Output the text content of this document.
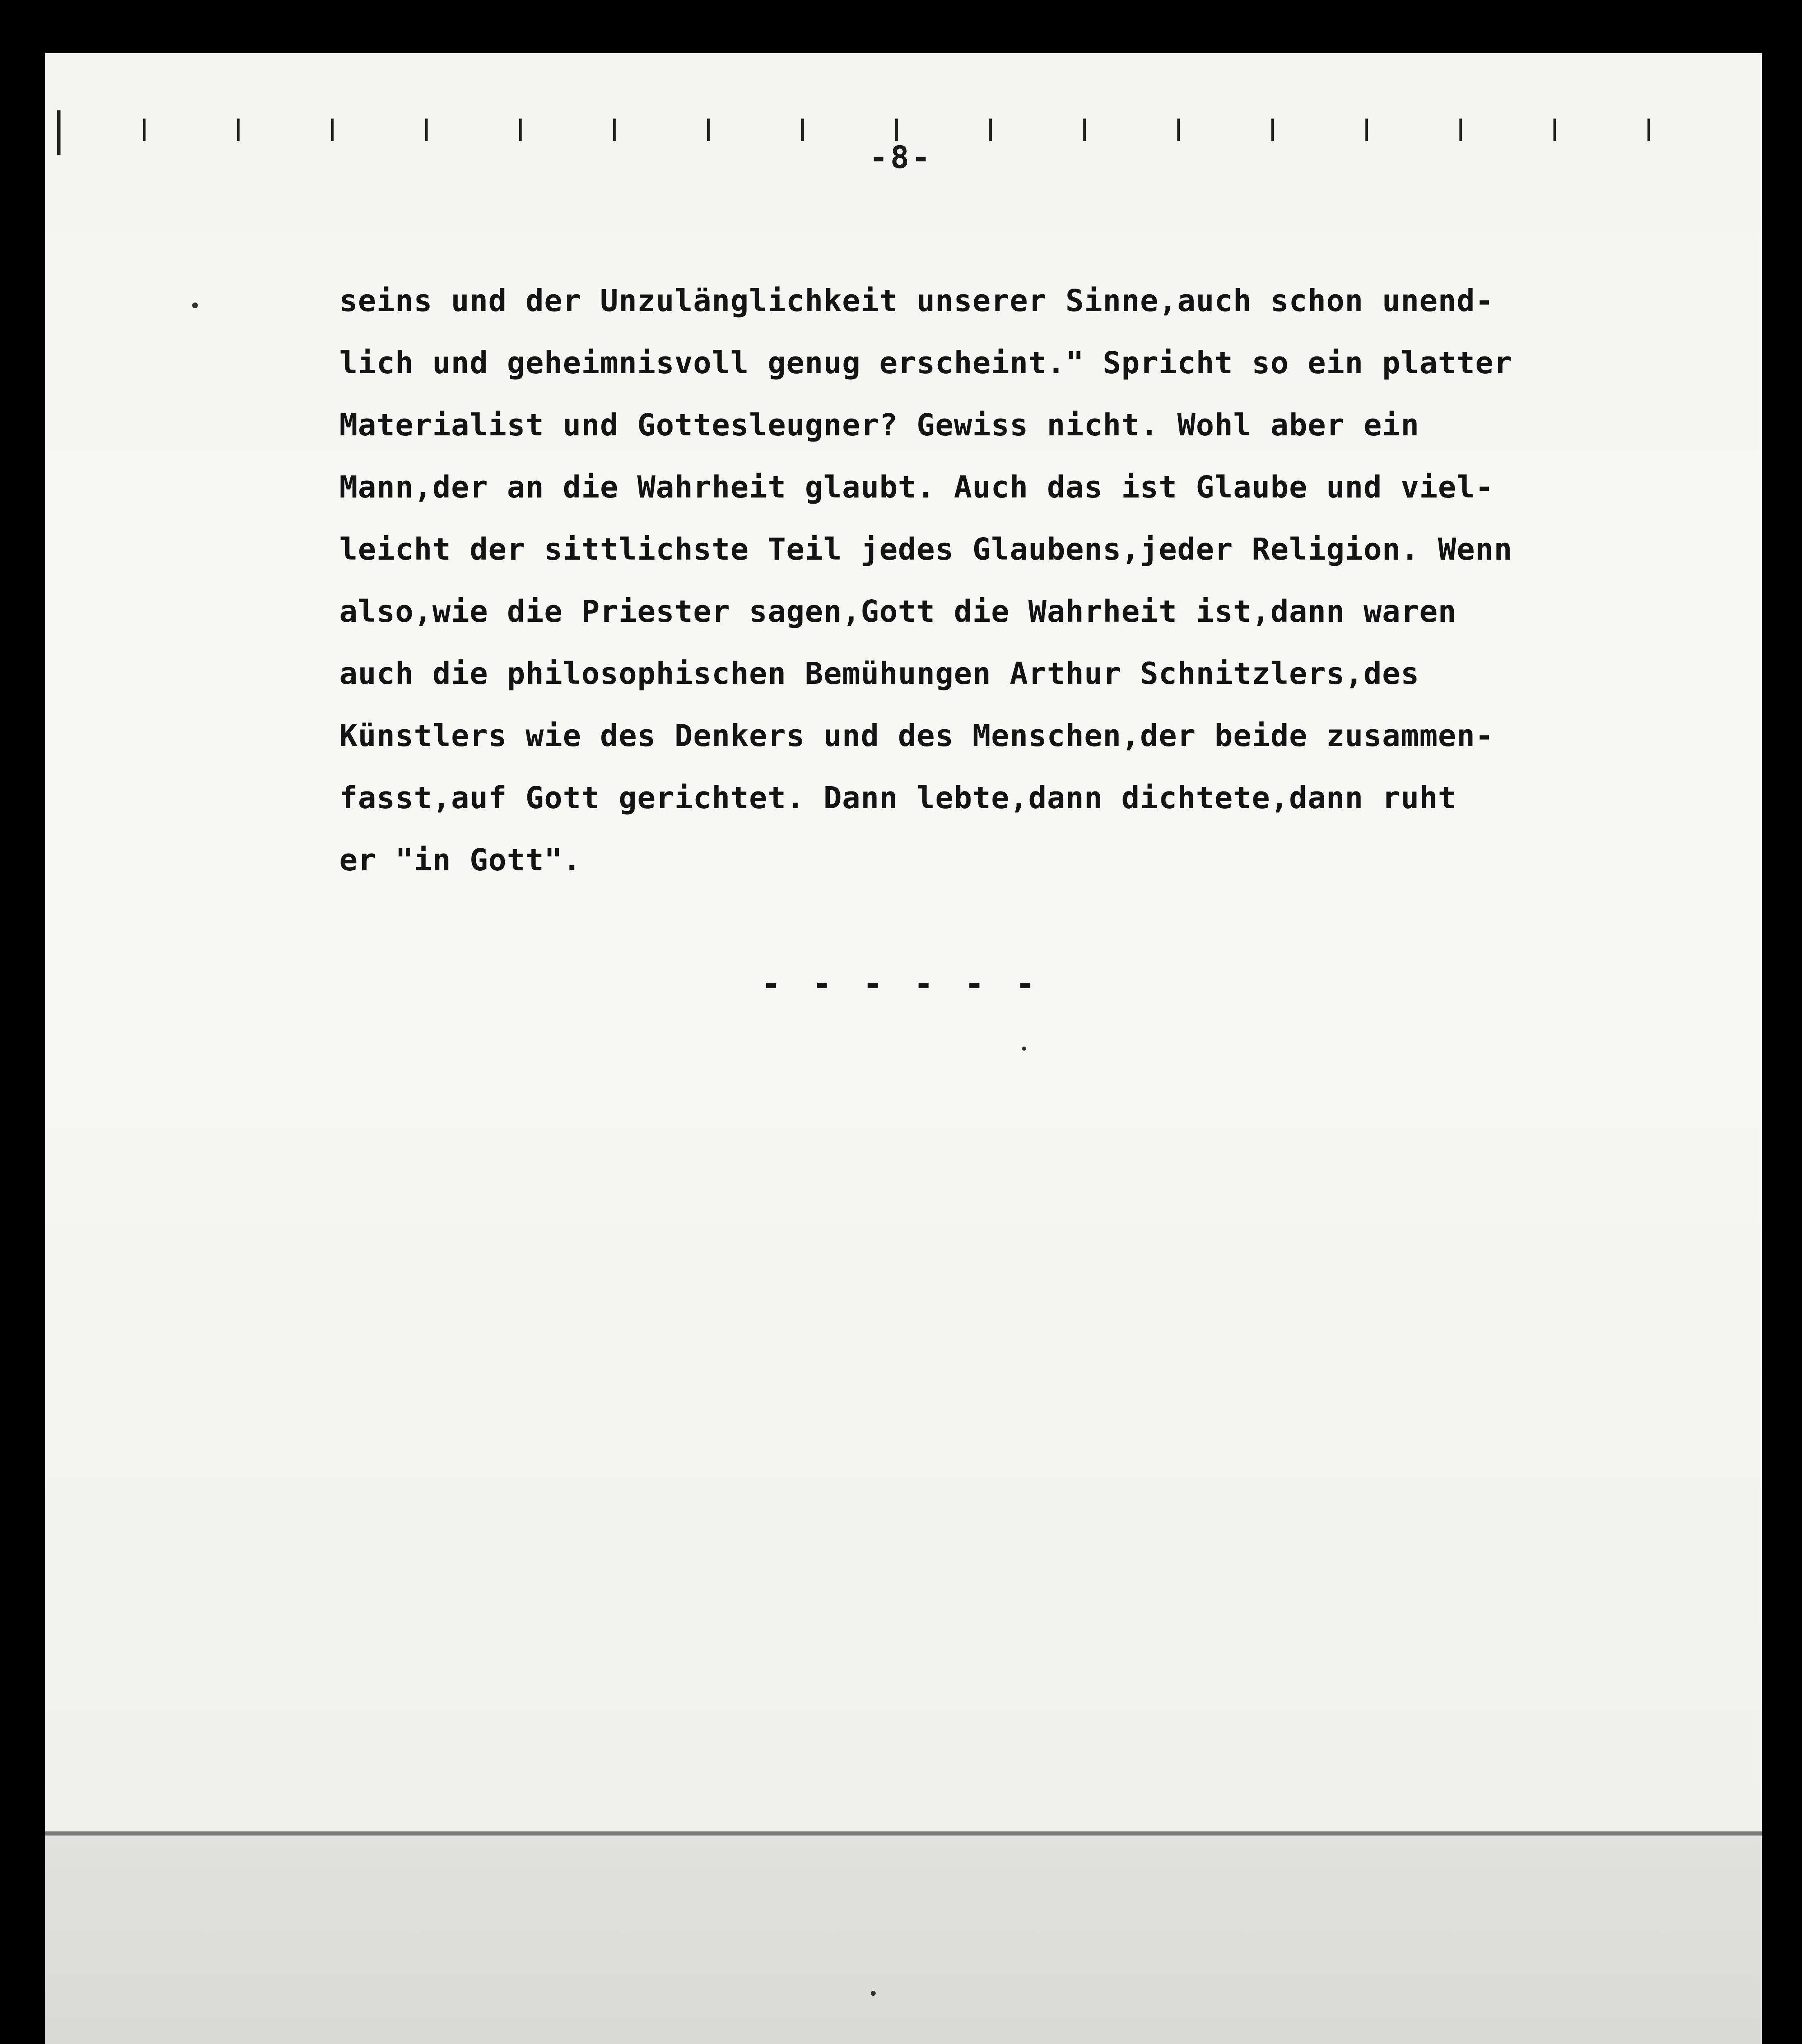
-8-
seins und der Unzulänglichkeit unserer Sinne,auch schon unend-
lich und geheimnisvoll genug erscheint." Spricht so ein platter
Materialist und Gottesleugner? Gewiss nicht. Wohl aber ein
Mann,der an die Wahrheit glaubt. Auch das ist Glaube und viel-
leicht der sittlichste Teil jedes Glaubens,jeder Religion. Wenn
also,wie die Priester sagen,Gott die Wahrheit ist,dann waren
auch die philosophischen Bemühungen Arthur Schnitzlers,des
Künstlers wie des Denkers und des Menschen,der beide zusammen-
fasst,auf Gott gerichtet. Dann lebte,dann dichtete,dann ruht
er "in Gott".
- - - - - -
